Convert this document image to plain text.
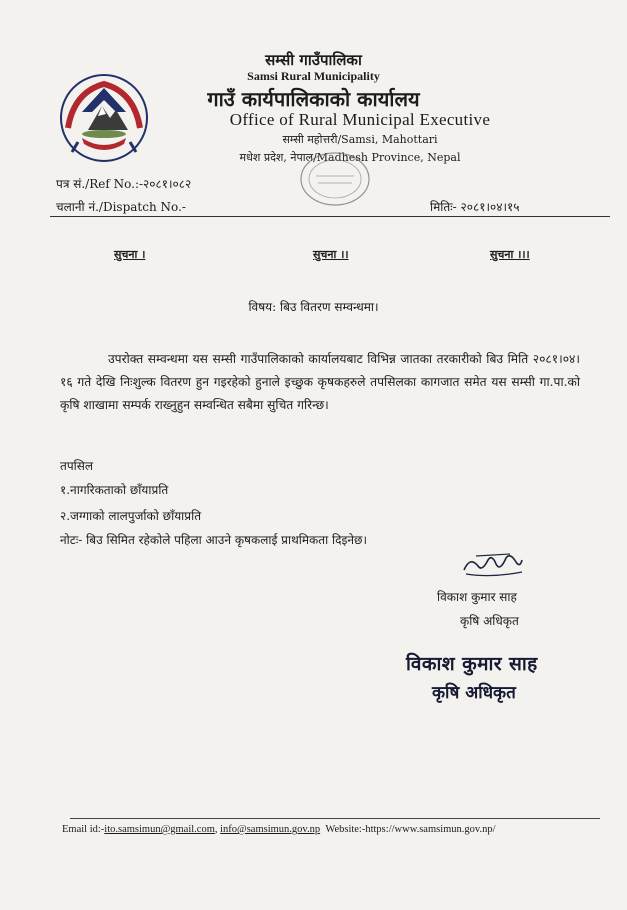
सम्सी गाउँपालिका
Samsi Rural Municipality
गाउँ कार्यपालिकाको कार्यालय
Office of Rural Municipal Executive
सम्सी महोत्तरी/Samsi, Mahottari
मधेश प्रदेश, नेपाल/Madhesh Province, Nepal
पत्र सं./Ref No.:-२०८१।०८२
चलानी नं./Dispatch No.-	मितिः- २०८१।०४।१५
सुचना ।	सुचना ।।	सुचना ।।।
विषय: बिउ वितरण सम्वन्धमा।
उपरोक्त सम्वन्धमा यस सम्सी गाउँपालिकाको कार्यालयबाट विभिन्न जातका तरकारीको बिउ मिति २०८१।०४।१६ गते देखि निःशुल्क वितरण हुन गइरहेको हुनाले इच्छुक कृषकहरुले तपसिलका कागजात समेत यस सम्सी गा.पा.को कृषि शाखामा सम्पर्क राख्नुहुन सम्वन्धित सबैमा सुचित गरिन्छ।
तपसिल
१.नागरिकताको छाँयाप्रति
२.जग्गाको लालपुर्जाको छाँयाप्रति
नोटः- बिउ सिमित रहेकोले पहिला आउने कृषकलाई प्राथमिकता दिइनेछ।
विकाश कुमार साह
कृषि अधिकृत
विकाश कुमार साह
कृषि अधिकृत
Email id:-ito.samsimun@gmail.com, info@samsimun.gov.np Website:-https://www.samsimun.gov.np/
